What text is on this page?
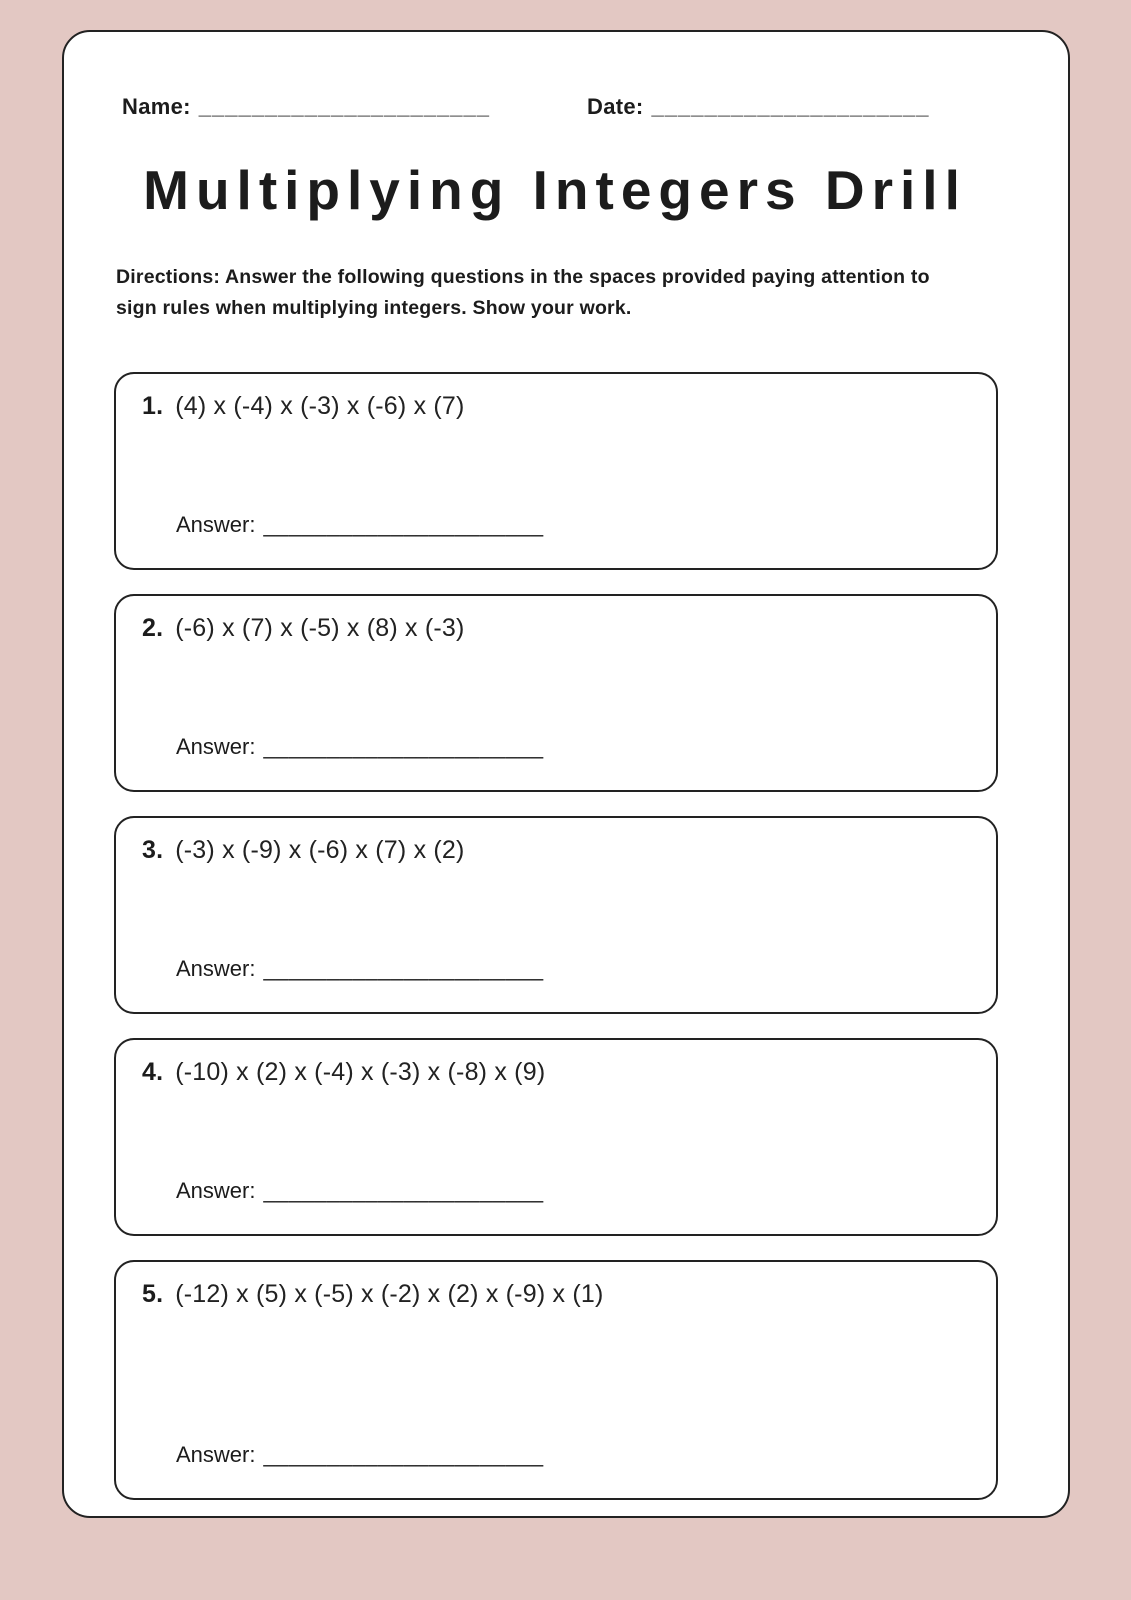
Name: ______________________	Date: _____________________
Multiplying Integers Drill

Directions: Answer the following questions in the spaces provided paying attention to sign rules when multiplying integers. Show your work.

1. (4) x (-4) x (-3) x (-6) x (7)
Answer: ______________________
2. (-6) x (7) x (-5) x (8) x (-3)
Answer: ______________________
3. (-3) x (-9) x (-6) x (7) x (2)
Answer: ______________________
4. (-10) x (2) x (-4) x (-3) x (-8) x (9)
Answer: ______________________
5. (-12) x (5) x (-5) x (-2) x (2) x (-9) x (1)
Answer: ______________________
